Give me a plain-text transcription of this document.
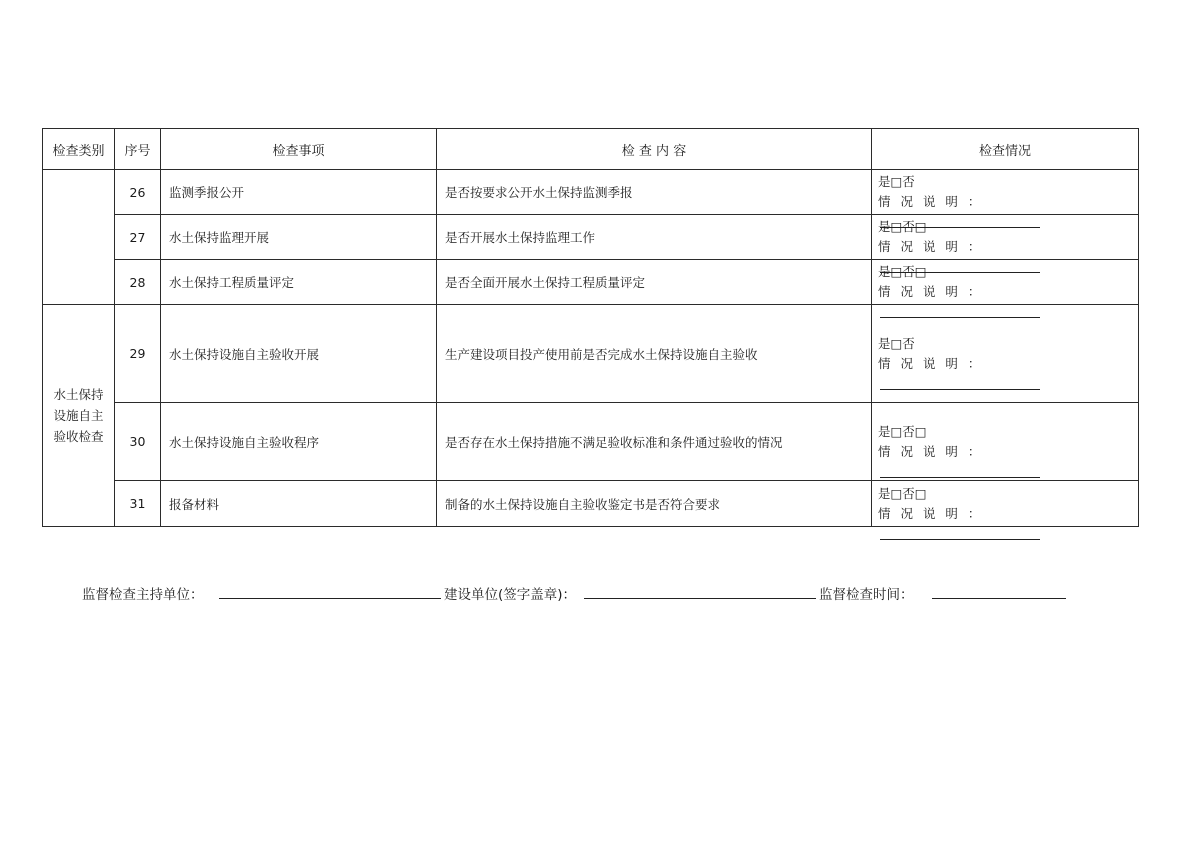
检查类别	序号	检查事项	检 查 内 容	检查情况
	26	监测季报公开	是否按要求公开水土保持监测季报	是□否
情 况 说 明 ：

	27	水土保持监理开展	是否开展水土保持监理工作	是□否□
情 况 说 明 ：

	28	水土保持工程质量评定	是否全面开展水土保持工程质量评定	是□否□
情 况 说 明 ：

水土保持设施自主验收检查	29	水土保持设施自主验收开展	生产建设项目投产使用前是否完成水土保持设施自主验收	是□否
情 况 说 明 ：

	30	水土保持设施自主验收程序	是否存在水土保持措施不满足验收标准和条件通过验收的情况	是□否□
情 况 说 明 ：

	31	报备材料	制备的水土保持设施自主验收鉴定书是否符合要求	是□否□
情 况 说 明 ：
监督检查主持单位：	建设单位(签字盖章)：	监督检查时间：
